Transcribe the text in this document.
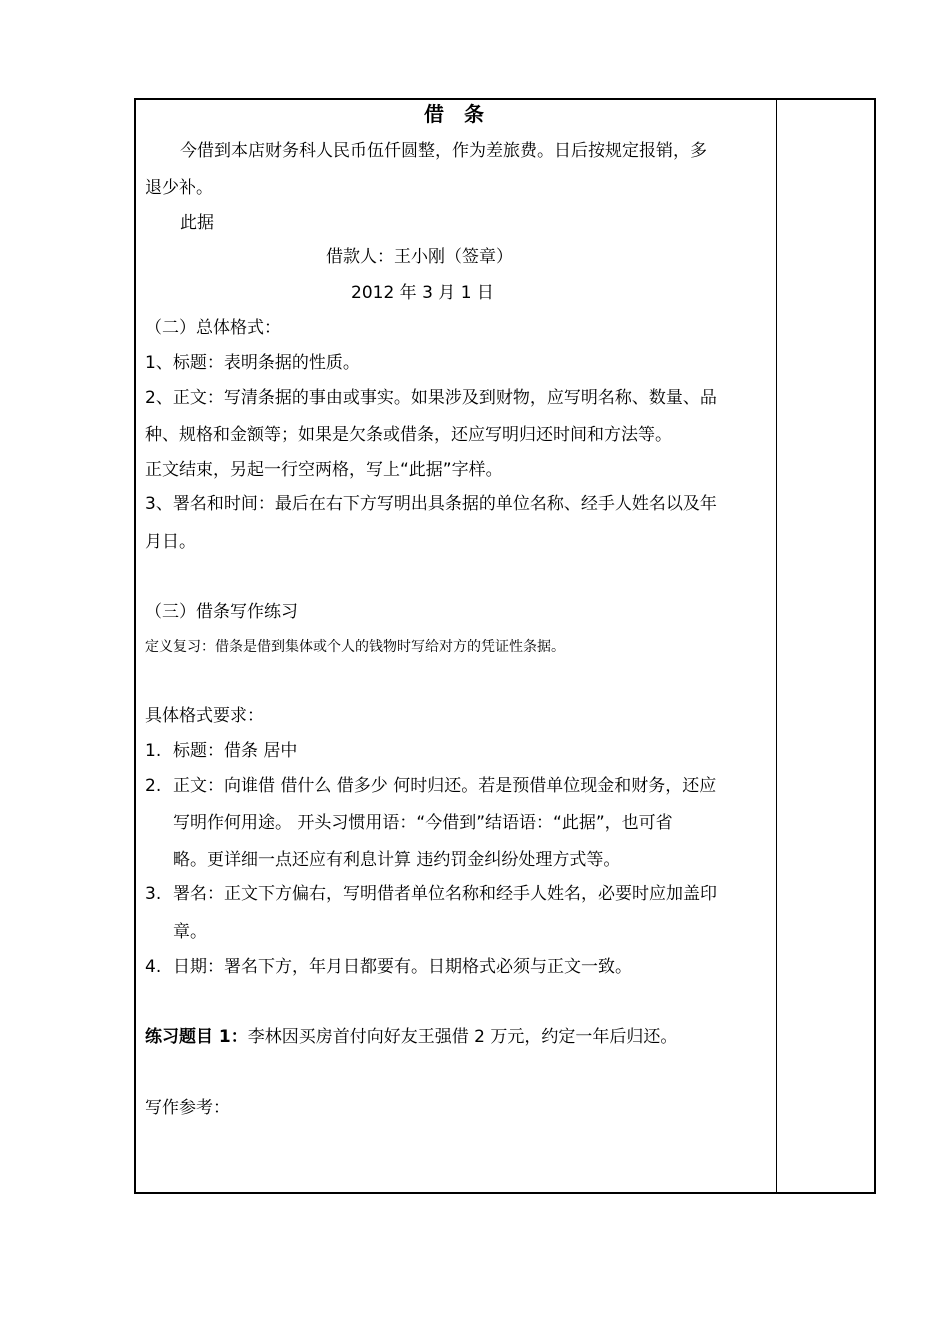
借　条
今借到本店财务科人民币伍仟圆整，作为差旅费。日后按规定报销，多
退少补。
此据
借款人：王小刚（签章）
2012 年 3 月 1 日
（二）总体格式：
1、标题：表明条据的性质。
2、正文：写清条据的事由或事实。如果涉及到财物，应写明名称、数量、品
种、规格和金额等；如果是欠条或借条，还应写明归还时间和方法等。
正文结束，另起一行空两格，写上“此据”字样。
3、署名和时间：最后在右下方写明出具条据的单位名称、经手人姓名以及年
月日。
（三）借条写作练习
定义复习：借条是借到集体或个人的钱物时写给对方的凭证性条据。
具体格式要求：
1. 标题：借条 居中
2. 正文：向谁借 借什么 借多少 何时归还。若是预借单位现金和财务，还应
写明作何用途。 开头习惯用语：“今借到”结语语：“此据”，也可省
略。更详细一点还应有利息计算 违约罚金纠纷处理方式等。
3. 署名：正文下方偏右，写明借者单位名称和经手人姓名，必要时应加盖印
章。
4. 日期：署名下方，年月日都要有。日期格式必须与正文一致。
练习题目 1：李林因买房首付向好友王强借 2 万元，约定一年后归还。
写作参考：
